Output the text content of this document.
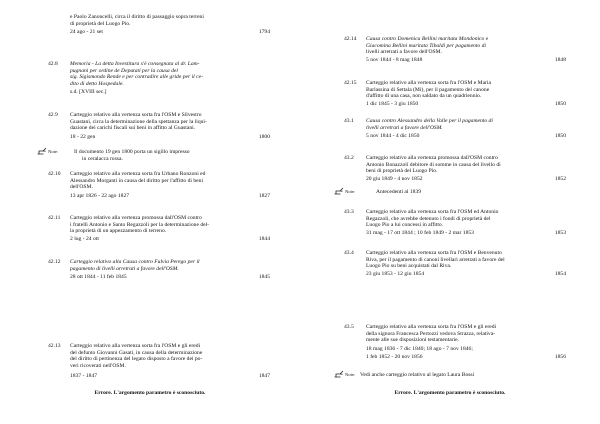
e Paolo Zanoncelli, circa il diritto di passaggio sopra terreni
di proprietà del Luogo Pio.
24 ago - 21 set	1794
42.8	Memoria - La detta Investitura s'è consegnata al dr. Lam-
pugnani per ordine de Deputati per la causa del
sig. Sigismondo Rende e per contradire alle gride per il ce-
dito di detto Hospedale.
s.d. [XVIII sec.]
42.9	Carteggio relativo alla vertenza sorta fra l'OSM e Silvestro
Guastani, circa la determinazione della spettanza per la liqui-
dazione dei carichi fiscali sui beni in affitto al Guastani.
18 - 22 gen	1800
Note:	Il documento 19 gen 1800 porta un sigillo impresso
in ceralacca rossa.
42.10	Carteggio relativo alla vertenza sorta fra Urbano Ronzoni ed
Alessandro Morganti in causa del diritto per l'affitto di beni
dell'OSM.
13 apr 1826 - 22 ago 1827	1827
42.11	Carteggio relativo alla vertenza promossa dall'OSM contro
i fratelli Antonio e Santo Regazzoli per la determinazione del-
la proprietà di un appezzamento di terreno.
2 lug - 24 ott	1844
42.12	Carteggio relativo alla Causa contro Fulvia Perego per il
pagamento di livelli arretrati a favore dell'OSM.
28 ott 1844 - 11 feb 1845	1845
42.13	Carteggio relativo alla vertenza sorta fra l'OSM e gli eredi
del defunto Giovanni Gasati, in causa della determinazione
del diritto di pertinenza del legato disposto a favore dei po-
veri ricoverati nell'OSM.
1837 - 1847	1847
Errore. L'argomento parametro è sconosciuto.
42.14	Causa contro Domenica Bellini maritata Mondonico e
Giacomina Bellini maritata Tibaldi per pagamento di
livelli arretrati a favore dell'OSM.
5 nov 1844 - 8 mag 1848	1848
42.15	Carteggio relativo alla vertenza sorta fra l'OSM e Maria
Barlassina di Settala (Mi), per il pagamento del canone
d'affitto di una casa, non saldato da un quadriennio.
1 dic 1845 - 3 giu 1850	1850
43.1	Causa contro Alessandro della Valle per il pagamento di
livelli arretrati a favore dell'OSM.
5 nov 1844 - 4 dic 1850	1850
43.2	Carteggio relativo alla vertenza promossa dall'OSM contro
Antonio Bonazzoli debitore di somme in causa del livello di
beni di proprietà del Luogo Pio.
20 giu 1849 - 4 nov 1852	1852
Note:	Antecedenti al 1839
43.3	Carteggio relativo alla vertenza sorta fra l'OSM ed Antonio
Regazzoli, che avrebbe detenuto i fondi di proprietà del
Luogo Pio a lui concessi in affitto.
31 mag - 17 ott 1844 ; 10 feb 1849 - 2 mar 1853	1853
43.4	Carteggio relativo alla vertenza sorta fra l'OSM e Benvenuto
Riva, per il pagamento di canoni livellari arretrati a favore del
Luogo Pio su beni acquistati dal Riva.
23 giu 1853 - 12 giu 1854	1854
43.5	Carteggio relativo alla vertenza sorta fra l'OSM e gli eredi
della signora Francesca Pertozzi vedova Strazza, relativa-
mente alle sue disposizioni testamentarie.
18 mag 1836 - 7 dic 1840; 18 ago - 7 nov 1846;
1 feb 1852 - 20 nov 1856	1856
Note: Vedi anche carteggio relativo al legato Laura Bossi
Errore. L'argomento parametro è sconosciuto.
